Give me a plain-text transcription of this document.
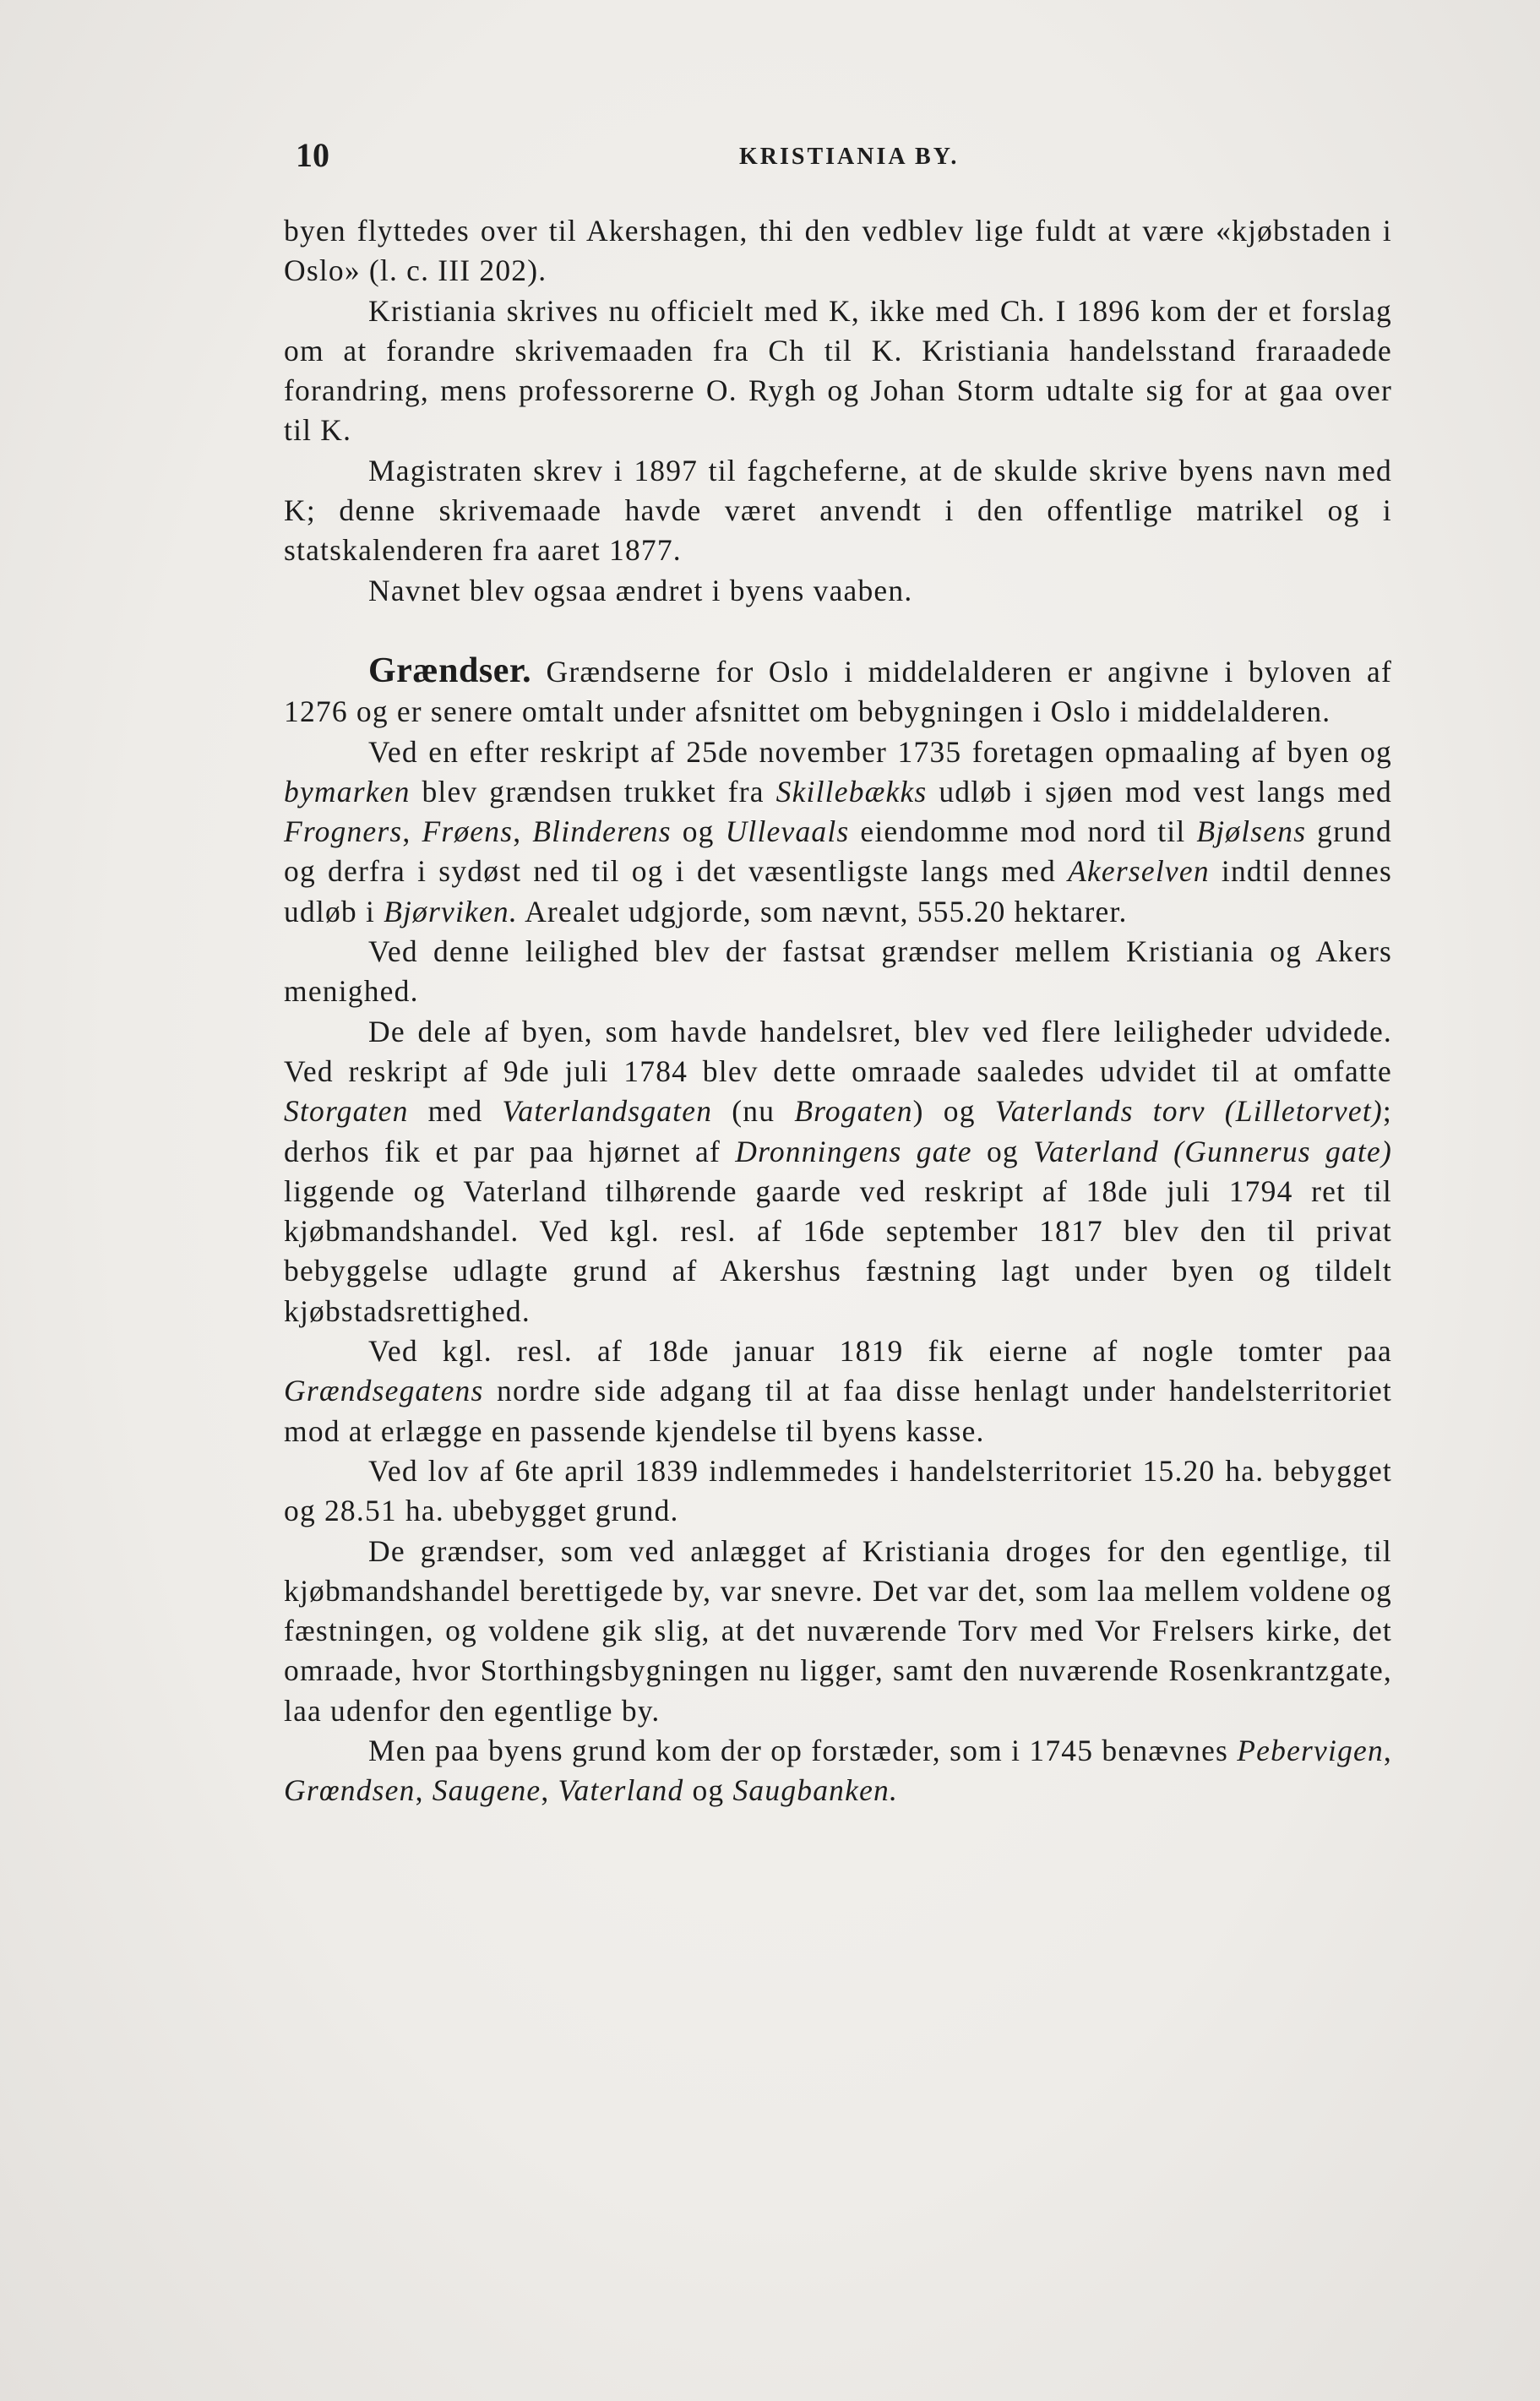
10	KRISTIANIA BY.

byen flyttedes over til Akershagen, thi den vedblev lige fuldt at være «kjøbstaden i Oslo» (l. c. III 202).

Kristiania skrives nu officielt med K, ikke med Ch. I 1896 kom der et forslag om at forandre skrivemaaden fra Ch til K. Kristiania handelsstand fraraadede forandring, mens professorerne O. Rygh og Johan Storm udtalte sig for at gaa over til K.

Magistraten skrev i 1897 til fagcheferne, at de skulde skrive byens navn med K; denne skrivemaade havde været anvendt i den offentlige matrikel og i statskalenderen fra aaret 1877.

Navnet blev ogsaa ændret i byens vaaben.

Grændser. Grændserne for Oslo i middelalderen er angivne i byloven af 1276 og er senere omtalt under afsnittet om bebygningen i Oslo i middelalderen.

Ved en efter reskript af 25de november 1735 foretagen opmaaling af byen og bymarken blev grændsen trukket fra Skillebækks udløb i sjøen mod vest langs med Frogners, Frøens, Blinderens og Ullevaals eiendomme mod nord til Bjølsens grund og derfra i sydøst ned til og i det væsentligste langs med Akerselven indtil dennes udløb i Bjørviken. Arealet udgjorde, som nævnt, 555.20 hektarer.

Ved denne leilighed blev der fastsat grændser mellem Kristiania og Akers menighed.

De dele af byen, som havde handelsret, blev ved flere leiligheder udvidede. Ved reskript af 9de juli 1784 blev dette omraade saaledes udvidet til at omfatte Storgaten med Vaterlandsgaten (nu Brogaten) og Vaterlands torv (Lilletorvet); derhos fik et par paa hjørnet af Dronningens gate og Vaterland (Gunnerus gate) liggende og Vaterland tilhørende gaarde ved reskript af 18de juli 1794 ret til kjøbmandshandel. Ved kgl. resl. af 16de september 1817 blev den til privat bebyggelse udlagte grund af Akershus fæstning lagt under byen og tildelt kjøbstadsrettighed.

Ved kgl. resl. af 18de januar 1819 fik eierne af nogle tomter paa Grændsegatens nordre side adgang til at faa disse henlagt under handelsterritoriet mod at erlægge en passende kjendelse til byens kasse.

Ved lov af 6te april 1839 indlemmedes i handelsterritoriet 15.20 ha. bebygget og 28.51 ha. ubebygget grund.

De grændser, som ved anlægget af Kristiania droges for den egentlige, til kjøbmandshandel berettigede by, var snevre. Det var det, som laa mellem voldene og fæstningen, og voldene gik slig, at det nuværende Torv med Vor Frelsers kirke, det omraade, hvor Storthingsbygningen nu ligger, samt den nuværende Rosenkrantzgate, laa udenfor den egentlige by.

Men paa byens grund kom der op forstæder, som i 1745 benævnes Pebervigen, Grœndsen, Saugene, Vaterland og Saugbanken.
